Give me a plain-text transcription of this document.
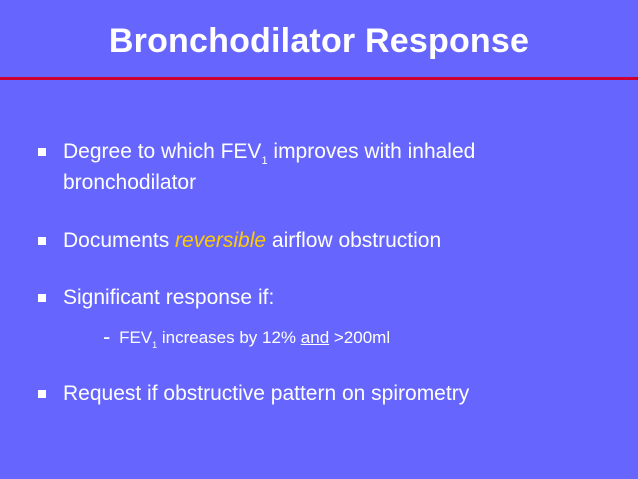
Bronchodilator Response
Degree to which $FEV_1$ improves with inhaled
bronchodilator
Documents reversible airflow obstruction
Significant response if:
- $FEV_1$ increases by 12% and >200ml
Request if obstructive pattern on spirometry
